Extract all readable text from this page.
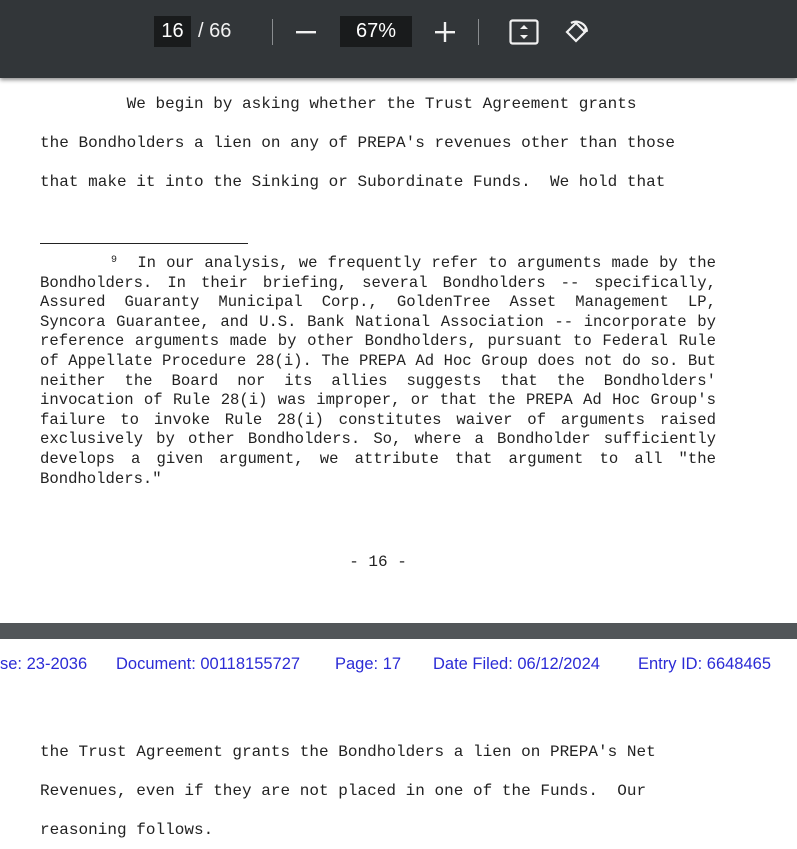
16 /
66	67%
We begin by asking whether the Trust Agreement grants
the Bondholders a lien on any of PREPA's revenues other than those
that make it into the Sinking or Subordinate Funds.  We hold that
$^9$ In our analysis, we frequently refer to arguments made by the Bondholders. In their briefing, several Bondholders -- specifically, Assured Guaranty Municipal Corp., GoldenTree Asset Management LP, Syncora Guarantee, and U.S. Bank National Association -- incorporate by reference arguments made by other Bondholders, pursuant to Federal Rule of Appellate Procedure 28(i). The PREPA Ad Hoc Group does not do so. But neither the Board nor its allies suggests that the Bondholders' invocation of Rule 28(i) was improper, or that the PREPA Ad Hoc Group's failure to invoke Rule 28(i) constitutes waiver of arguments raised exclusively by other Bondholders. So, where a Bondholder sufficiently develops a given argument, we attribute that argument to all "the Bondholders."
- 16 -
se: 23-2036 Document: 00118155727 Page: 17 Date Filed: 06/12/2024 Entry ID: 6648465
the Trust Agreement grants the Bondholders a lien on PREPA's Net
Revenues, even if they are not placed in one of the Funds.  Our
reasoning follows.
